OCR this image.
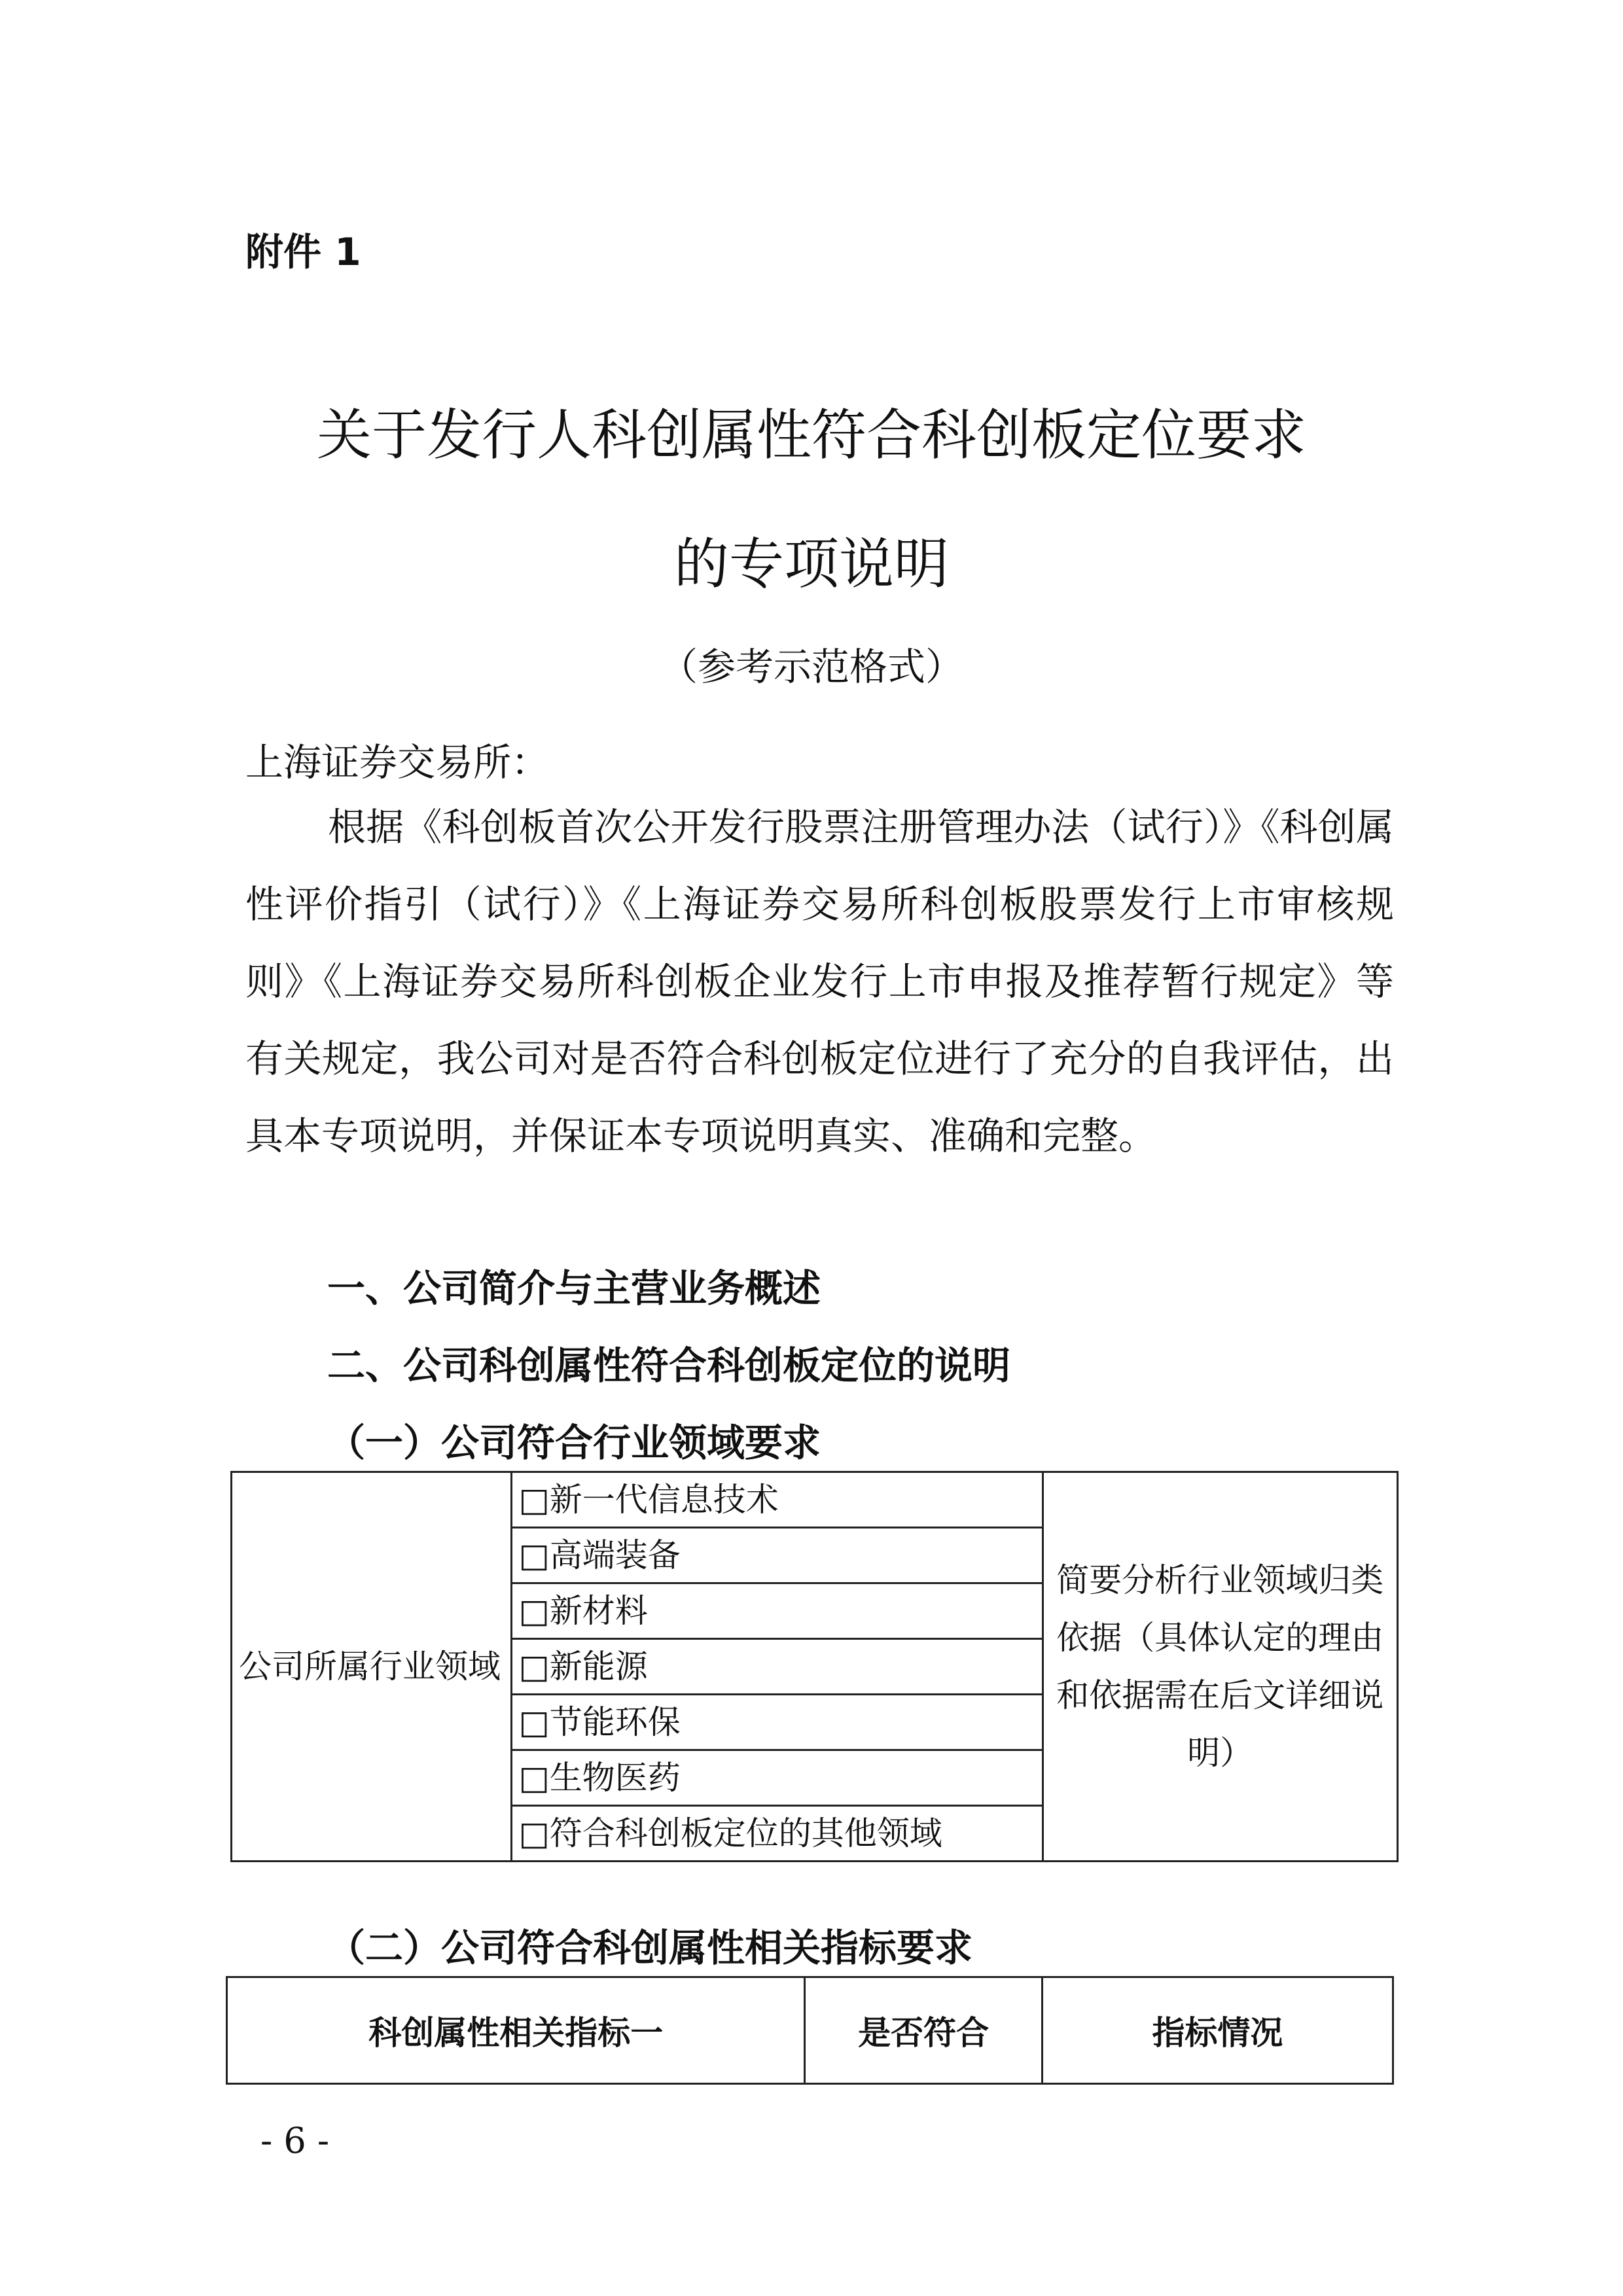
附件 1
关于发行人科创属性符合科创板定位要求
的专项说明
（参考示范格式）
上海证券交易所：
根据《科创板首次公开发行股票注册管理办法（试行）》《科创属性评价指引（试行）》《上海证券交易所科创板股票发行上市审核规则》《上海证券交易所科创板企业发行上市申报及推荐暂行规定》等有关规定，我公司对是否符合科创板定位进行了充分的自我评估，出具本专项说明，并保证本专项说明真实、准确和完整。
一、公司简介与主营业务概述
二、公司科创属性符合科创板定位的说明
（一）公司符合行业领域要求
公司所属行业领域	□新一代信息技术	简要分析行业领域归类依据（具体认定的理由和依据需在后文详细说明）
□高端装备
□新材料
□新能源
□节能环保
□生物医药
□符合科创板定位的其他领域
（二）公司符合科创属性相关指标要求
科创属性相关指标一	是否符合	指标情况
- 6 -
